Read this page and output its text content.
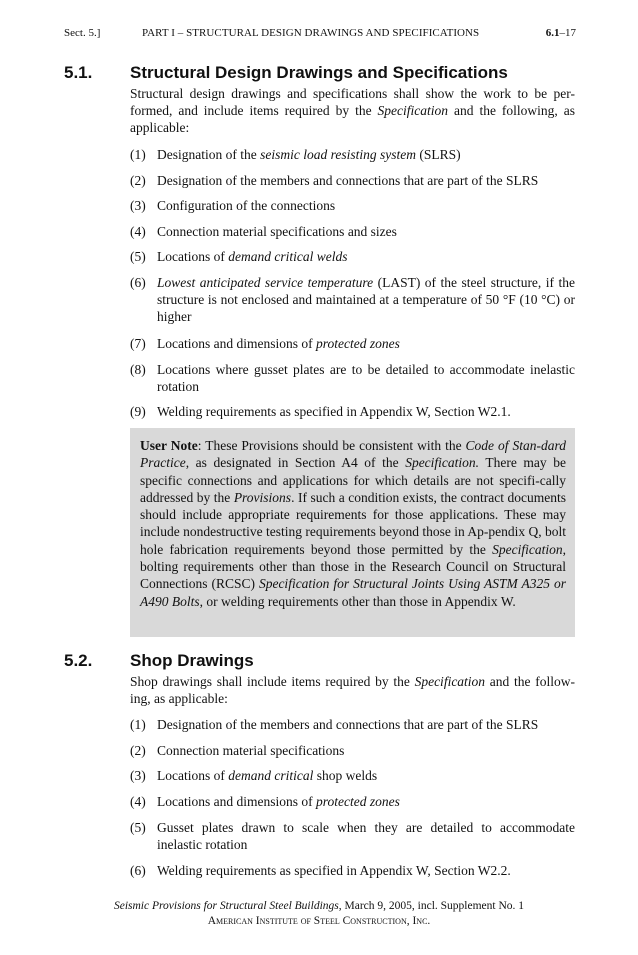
Sect. 5.]	PART I – STRUCTURAL DESIGN DRAWINGS AND SPECIFICATIONS	6.1–17
5.1. Structural Design Drawings and Specifications
Structural design drawings and specifications shall show the work to be per-formed, and include items required by the Specification and the following, as applicable:
(1) Designation of the seismic load resisting system (SLRS)
(2) Designation of the members and connections that are part of the SLRS
(3) Configuration of the connections
(4) Connection material specifications and sizes
(5) Locations of demand critical welds
(6) Lowest anticipated service temperature (LAST) of the steel structure, if the structure is not enclosed and maintained at a temperature of 50 °F (10 °C) or higher
(7) Locations and dimensions of protected zones
(8) Locations where gusset plates are to be detailed to accommodate inelastic rotation
(9) Welding requirements as specified in Appendix W, Section W2.1.
User Note: These Provisions should be consistent with the Code of Stan-dard Practice, as designated in Section A4 of the Specification. There may be specific connections and applications for which details are not specifi-cally addressed by the Provisions. If such a condition exists, the contract documents should include appropriate requirements for those applications. These may include nondestructive testing requirements beyond those in Ap-pendix Q, bolt hole fabrication requirements beyond those permitted by the Specification, bolting requirements other than those in the Research Council on Structural Connections (RCSC) Specification for Structural Joints Using ASTM A325 or A490 Bolts, or welding requirements other than those in Appendix W.
5.2. Shop Drawings
Shop drawings shall include items required by the Specification and the follow-ing, as applicable:
(1) Designation of the members and connections that are part of the SLRS
(2) Connection material specifications
(3) Locations of demand critical shop welds
(4) Locations and dimensions of protected zones
(5) Gusset plates drawn to scale when they are detailed to accommodate inelastic rotation
(6) Welding requirements as specified in Appendix W, Section W2.2.
Seismic Provisions for Structural Steel Buildings, March 9, 2005, incl. Supplement No. 1
American Institute of Steel Construction, Inc.
